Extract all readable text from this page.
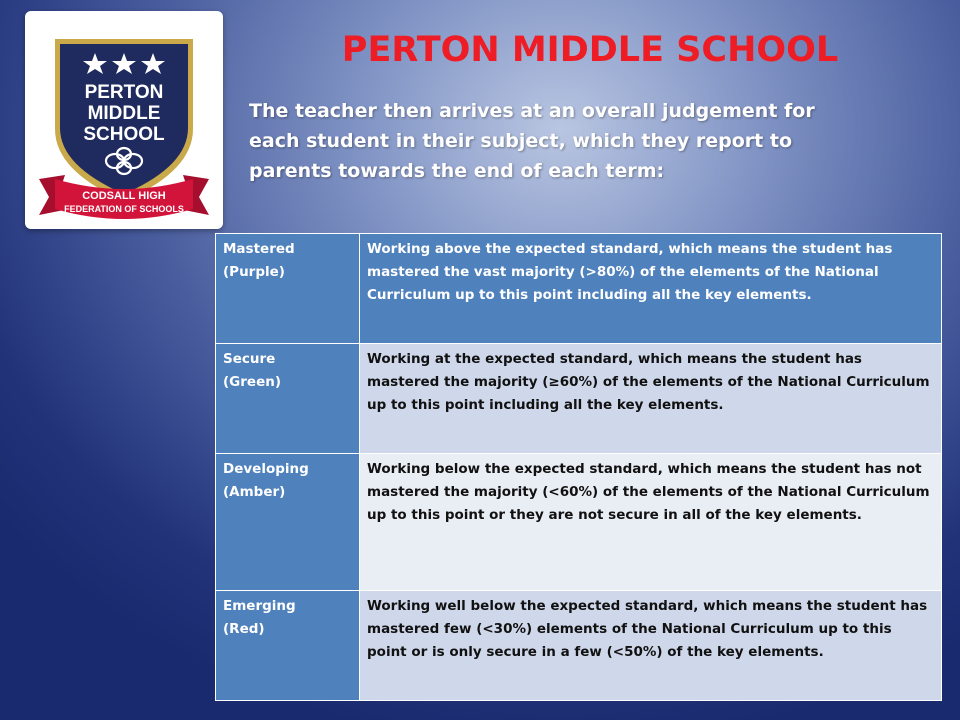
PERTON
MIDDLE
SCHOOL
CODSALL HIGH
FEDERATION OF SCHOOLS
PERTON MIDDLE SCHOOL
The teacher then arrives at an overall judgement for each student in their subject, which they report to parents towards the end of each term:
Mastered
(Purple)	Working above the expected standard, which means the student has mastered the vast majority (>80%) of the elements of the National Curriculum up to this point including all the key elements.

Secure
(Green)	Working at the expected standard, which means the student has mastered the majority (≥60%) of the elements of the National Curriculum up to this point including all the key elements.

Developing
(Amber)	Working below the expected standard, which means the student has not mastered the majority (<60%) of the elements of the National Curriculum up to this point or they are not secure in all of the key elements.

Emerging
(Red)	Working well below the expected standard, which means the student has mastered few (<30%) elements of the National Curriculum up to this point or is only secure in a few (<50%) of the key elements.
